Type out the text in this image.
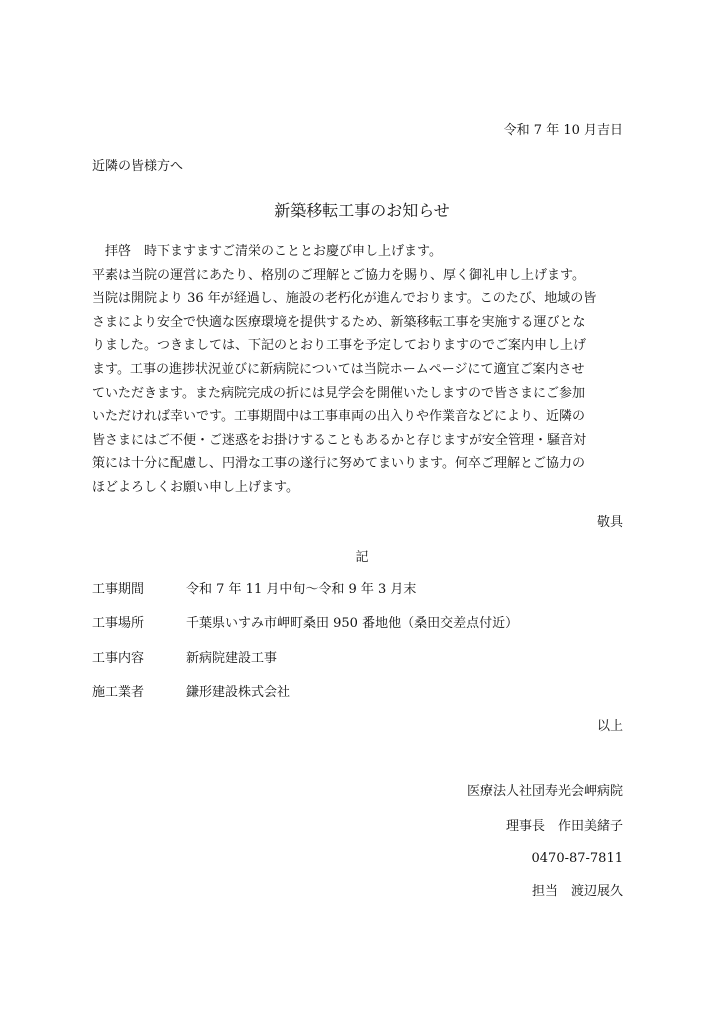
令和 7 年 10 月吉日
近隣の皆様方へ
新築移転工事のお知らせ
　拝啓　時下ますますご清栄のこととお慶び申し上げます。
平素は当院の運営にあたり、格別のご理解とご協力を賜り、厚く御礼申し上げます。
当院は開院より 36 年が経過し、施設の老朽化が進んでおります。このたび、地域の皆
さまにより安全で快適な医療環境を提供するため、新築移転工事を実施する運びとな
りました。つきましては、下記のとおり工事を予定しておりますのでご案内申し上げ
ます。工事の進捗状況並びに新病院については当院ホームページにて適宜ご案内させ
ていただきます。また病院完成の折には見学会を開催いたしますので皆さまにご参加
いただければ幸いです。工事期間中は工事車両の出入りや作業音などにより、近隣の
皆さまにはご不便・ご迷惑をお掛けすることもあるかと存じますが安全管理・騒音対
策には十分に配慮し、円滑な工事の遂行に努めてまいります。何卒ご理解とご協力の
ほどよろしくお願い申し上げます。
敬具
記
工事期間	令和 7 年 11 月中旬～令和 9 年 3 月末
工事場所	千葉県いすみ市岬町桑田 950 番地他（桑田交差点付近）
工事内容	新病院建設工事
施工業者	鎌形建設株式会社
以上
医療法人社団寿光会岬病院
理事長　作田美緒子
0470-87-7811
担当　渡辺展久
